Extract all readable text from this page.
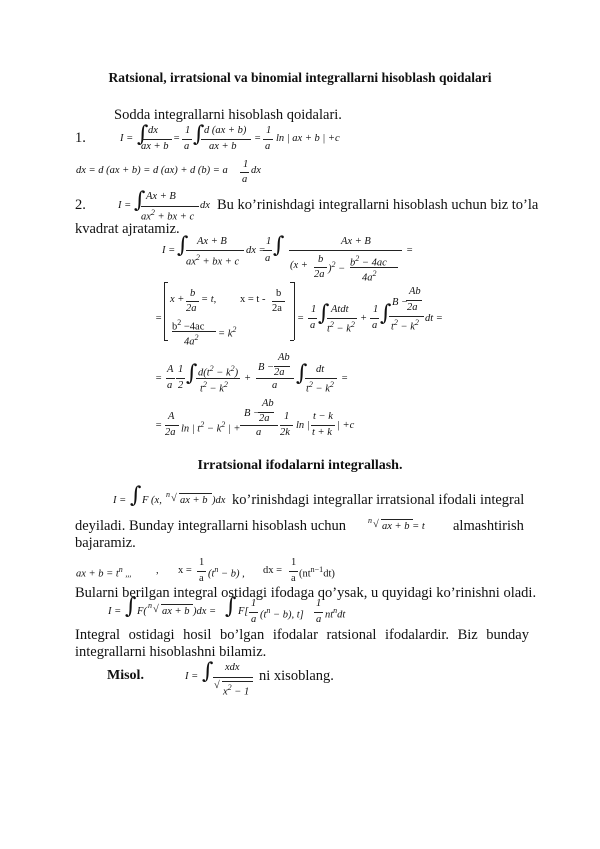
Ratsional, irratsional va binomial integrallarni hisoblash qoidalari
Sodda integrallarni hisoblash qoidalari.
1.	I = ∫ dx
ax + b
=
1
a ∫ d (ax + b)
ax + b
=
1
a
ln | ax + b | +c
dx = d (ax + b) = d (ax) + d (b) = a
1
a
dx
2.	I = ∫ Ax + B
$ax^2$ + bx + c
dx Bu ko’rinishdagi integrallarni hisoblash uchun biz to’la
kvadrat ajratamiz.
I = ∫ Ax + B
$ax^2$ + bx + c
dx =
1
a
∫	Ax + B
(x +
b
2a )$^2$ −
$b^2 - 4ac$
$4a^2$
=
=
x +
b
2a
= t, x = t -
b
2a
$b^2 -4ac$
$4a^2 = k^2$
=
1
a ∫ Atdt
$t^2 - k^2$
+
1
a ∫
Ab
B −
2a
$t^2 - k^2$ dt =
=
A
a
1
2 ∫ $d(t^2 - k^2)$
$t^2 - k^2$
+
Ab
B − 2a
a ∫ dt
$t^2 - k^2$
=
=
A
2a ln | $t^2 - k^2$ | +
Ab
B −
2a
a
1
2k
ln |
t − k
t + k
| +c
Irratsional ifodalarni integrallash.
I = ∫ F (x,
n √ ax + b )dx ko’rinishdagi integrallar irratsional ifodali integral
deyiladi. Bunday integrallarni hisoblash uchun	n √ ax + b = t almashtirish
bajaramiz.
ax + $b = t^n$ ,,, , x =
1
a $(t^n - b)$ , dx =
1
a $(nt^{n-1}dt)$
Bularni berilgan integral ostidagi ifodaga qo’ysak, u quyidagi ko’rinishni oladi.
I = ∫ F(
n √ ax + b )dx = ∫ F[
1
a $(t^n - b)$, t]
1
a $nt^ndt$
Integral ostidagi hosil bo’lgan ifodalar ratsional ifodalardir. Biz bunday
integrallarni hisoblashni bilamiz.
Misol.	I = ∫ xdx
√
$x^2 - 1$
ni xisoblang.
